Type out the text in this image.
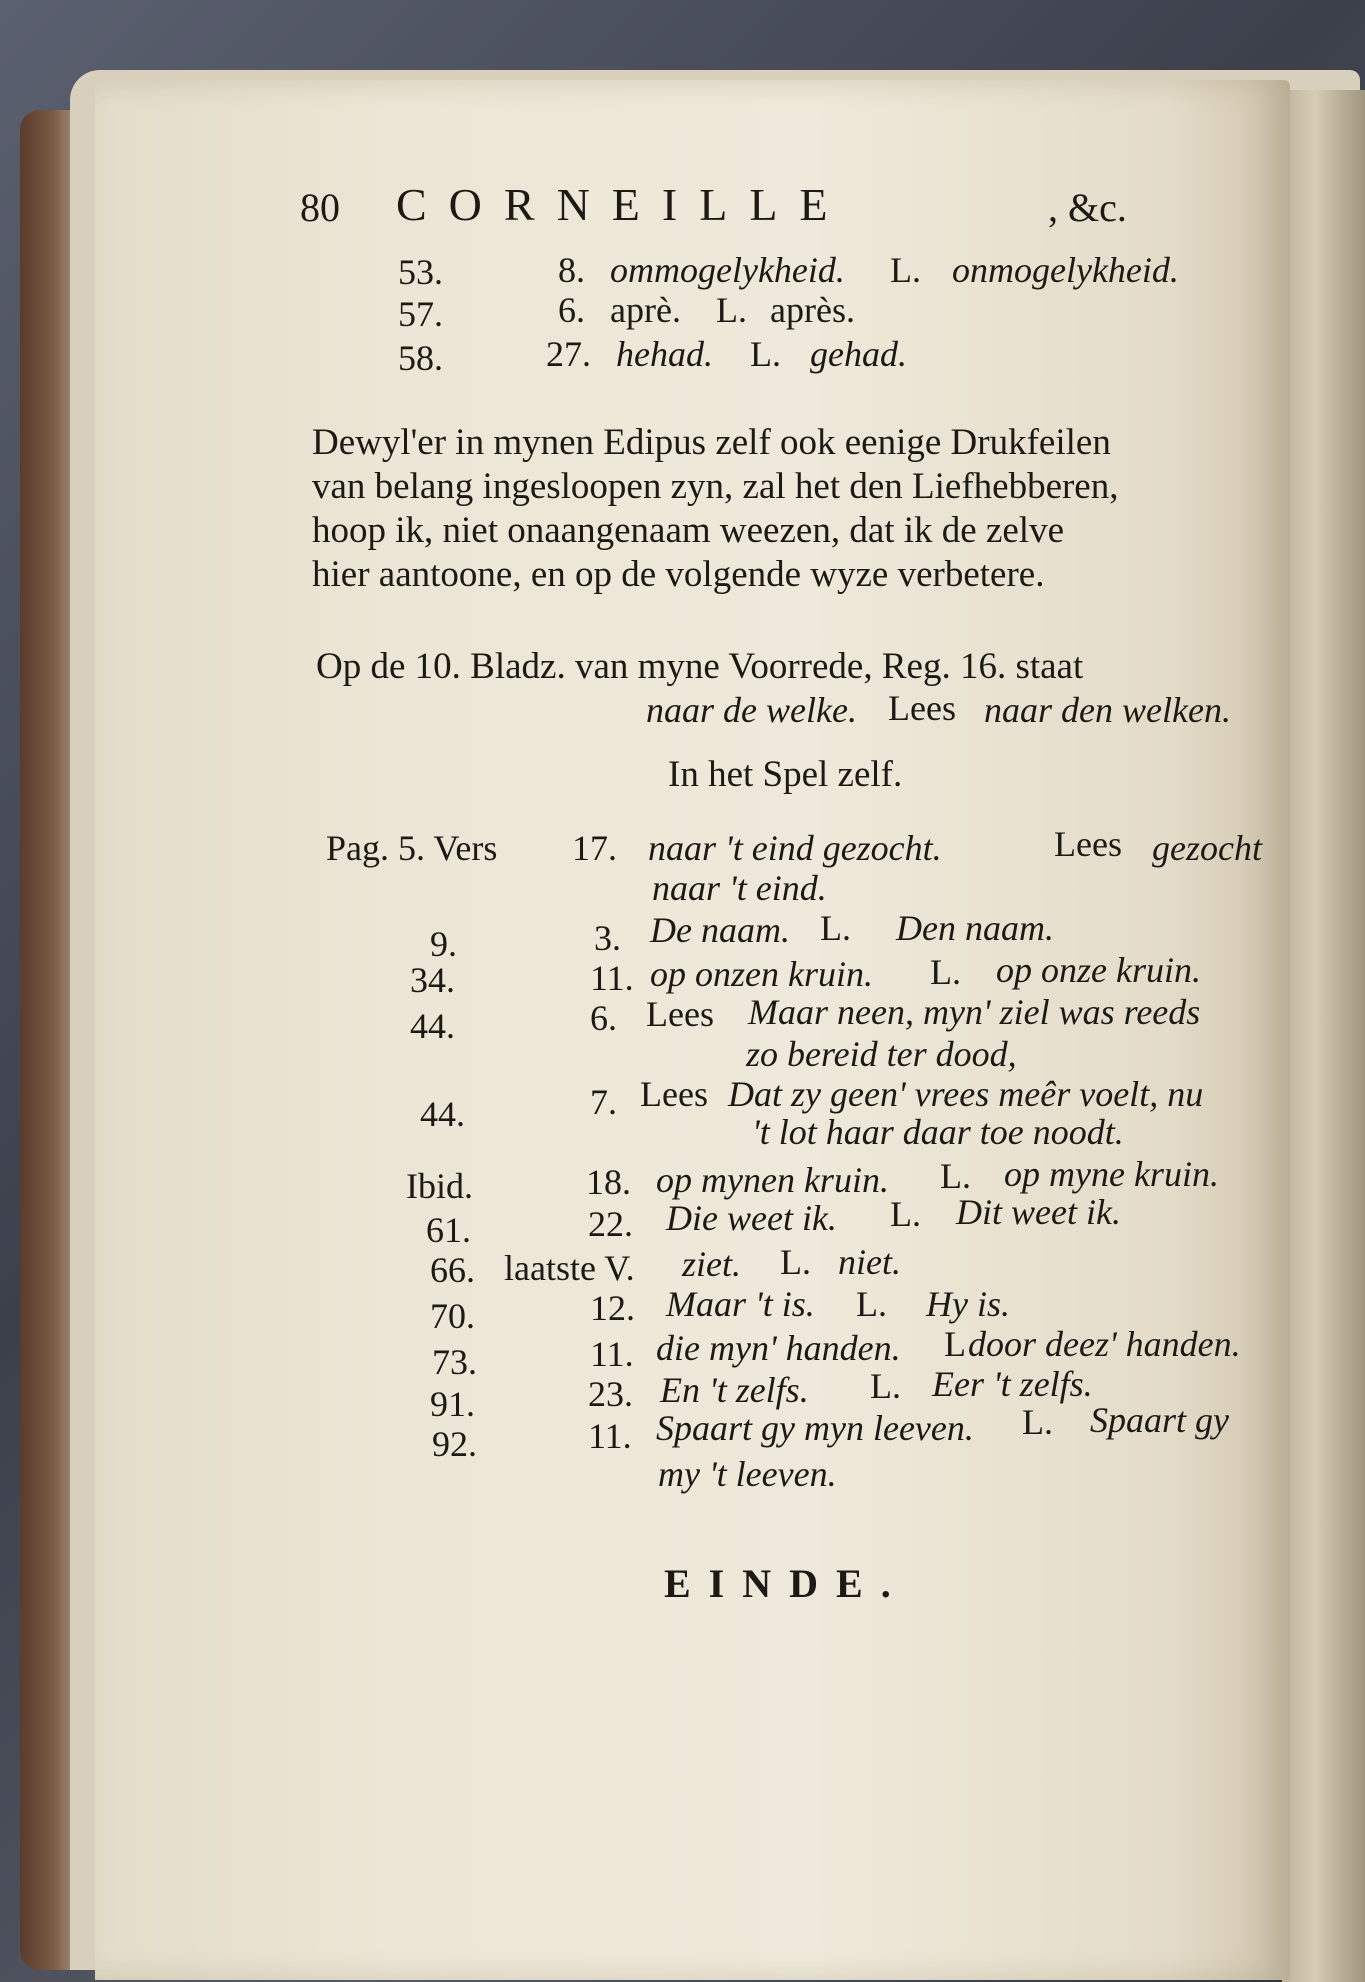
80 CORNEILLE	, &c.
53.	8. ommogelykheid. L. onmogelykheid.
57.	6. aprè. L. après.
58.	27. hehad. L. gehad.
Dewyl'er in mynen Edipus zelf ook eenige Drukfeilen
van belang ingesloopen zyn, zal het den Liefhebberen,
hoop ik, niet onaangenaam weezen, dat ik de zelve
hier aantoone, en op de volgende wyze verbetere.
Op de 10. Bladz. van myne Voorrede, Reg. 16. staat
naar de welke. Lees naar den welken.
In het Spel zelf.
Pag. 5. Vers 17. naar 't eind gezocht.	Lees gezocht
naar 't eind.
9.	3. De naam. L. Den naam.
34.	11. op onzen kruin. L. op onze kruin.
44.	6. Lees Maar neen, myn' ziel was reeds
zo bereid ter dood,
44.	7. Lees Dat zy geen' vrees meêr voelt, nu
't lot haar daar toe noodt.
Ibid.	18. op mynen kruin. L. op myne kruin.
61.	22. Die weet ik. L. Dit weet ik.
66. laatste V. ziet. L. niet.
70.	12. Maar 't is. L. Hy is.
73.	11. die myn' handen. L door deez' handen.
91.	23. En 't zelfs. L. Eer 't zelfs.
92.	11. Spaart gy myn leeven. L. Spaart gy
my 't leeven.
EINDE.
